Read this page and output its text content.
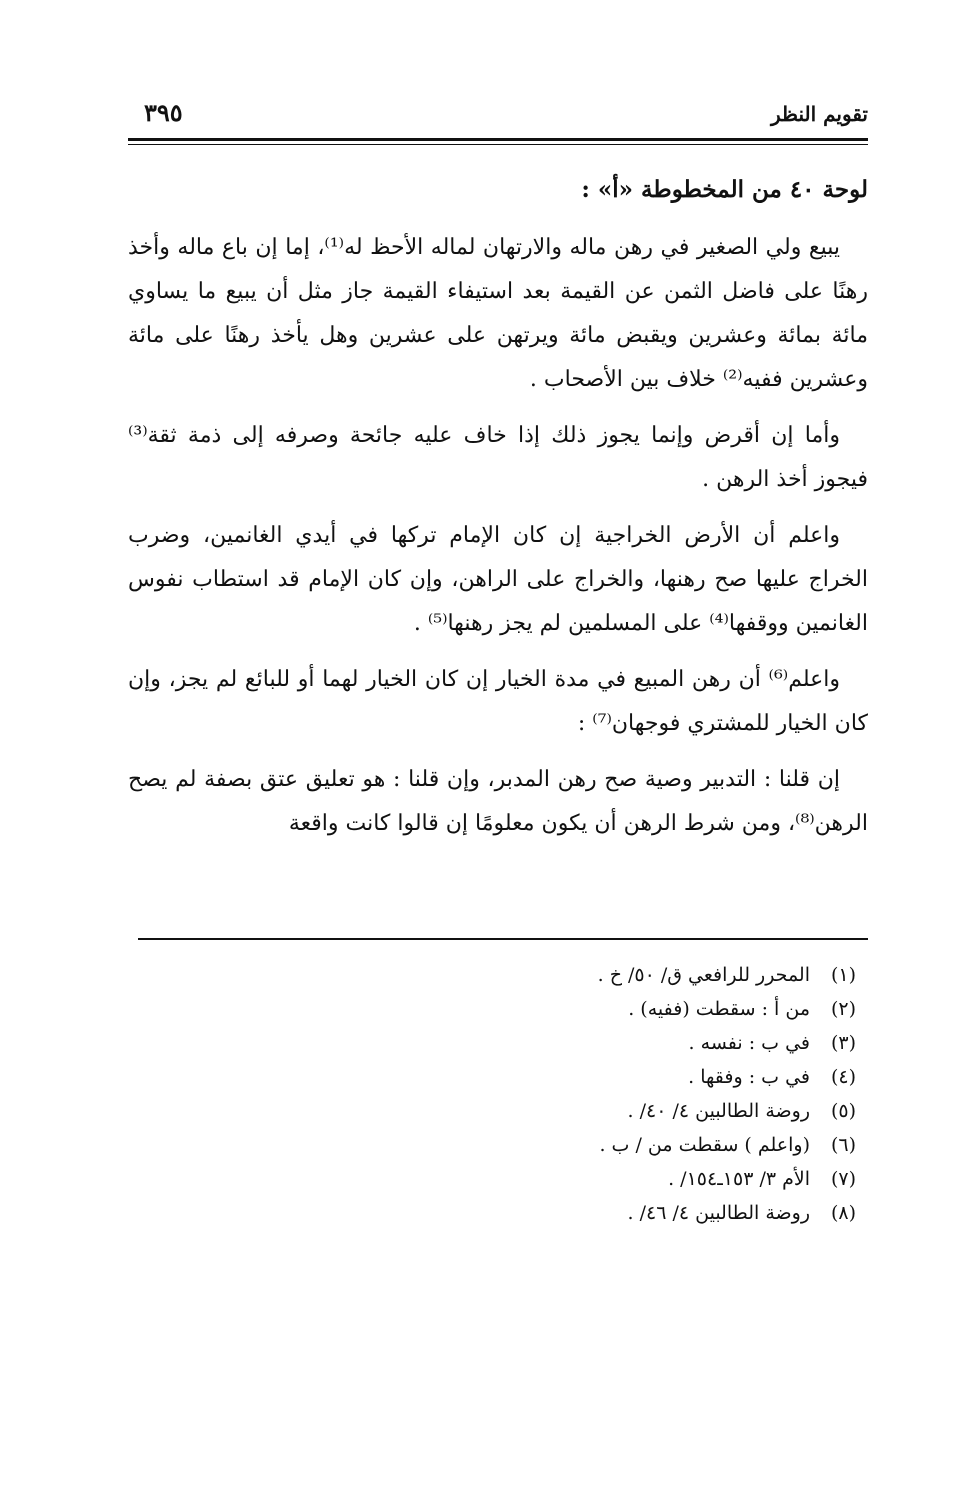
تقويم النظر
٣٩٥

لوحة ٤٠ من المخطوطة «أ» :

يبيع ولي الصغير في رهن ماله والارتهان لماله الأحظ له⁽¹⁾، إما إن باع ماله وأخذ رهنًا على فاضل الثمن عن القيمة بعد استيفاء القيمة جاز مثل أن يبيع ما يساوي مائة بمائة وعشرين ويقبض مائة ويرتهن على عشرين وهل يأخذ رهنًا على مائة وعشرين ففيه⁽²⁾ خلاف بين الأصحاب .

وأما إن أقرض وإنما يجوز ذلك إذا خاف عليه جائحة وصرفه إلى ذمة ثقة⁽³⁾ فيجوز أخذ الرهن .

واعلم أن الأرض الخراجية إن كان الإمام تركها في أيدي الغانمين، وضرب الخراج عليها صح رهنها، والخراج على الراهن، وإن كان الإمام قد استطاب نفوس الغانمين ووقفها⁽⁴⁾ على المسلمين لم يجز رهنها⁽⁵⁾ .

واعلم⁽⁶⁾ أن رهن المبيع في مدة الخيار إن كان الخيار لهما أو للبائع لم يجز، وإن كان الخيار للمشتري فوجهان⁽⁷⁾ :

إن قلنا : التدبير وصية صح رهن المدبر، وإن قلنا : هو تعليق عتق بصفة لم يصح الرهن⁽⁸⁾، ومن شرط الرهن أن يكون معلومًا إن قالوا كانت واقعة

(١)المحرر للرافعي ق/ ٥٠/ خ .

(٢)من أ : سقطت (ففيه) .

(٣)في ب : نفسه .

(٤)في ب : وفقها .

(٥)روضة الطالبين ٤/ ٤٠/ .

(٦)(واعلم ) سقطت من / ب .

(٧)الأم ٣/ ١٥٣ـ١٥٤/ .

(٨)روضة الطالبين ٤/ ٤٦/ .
